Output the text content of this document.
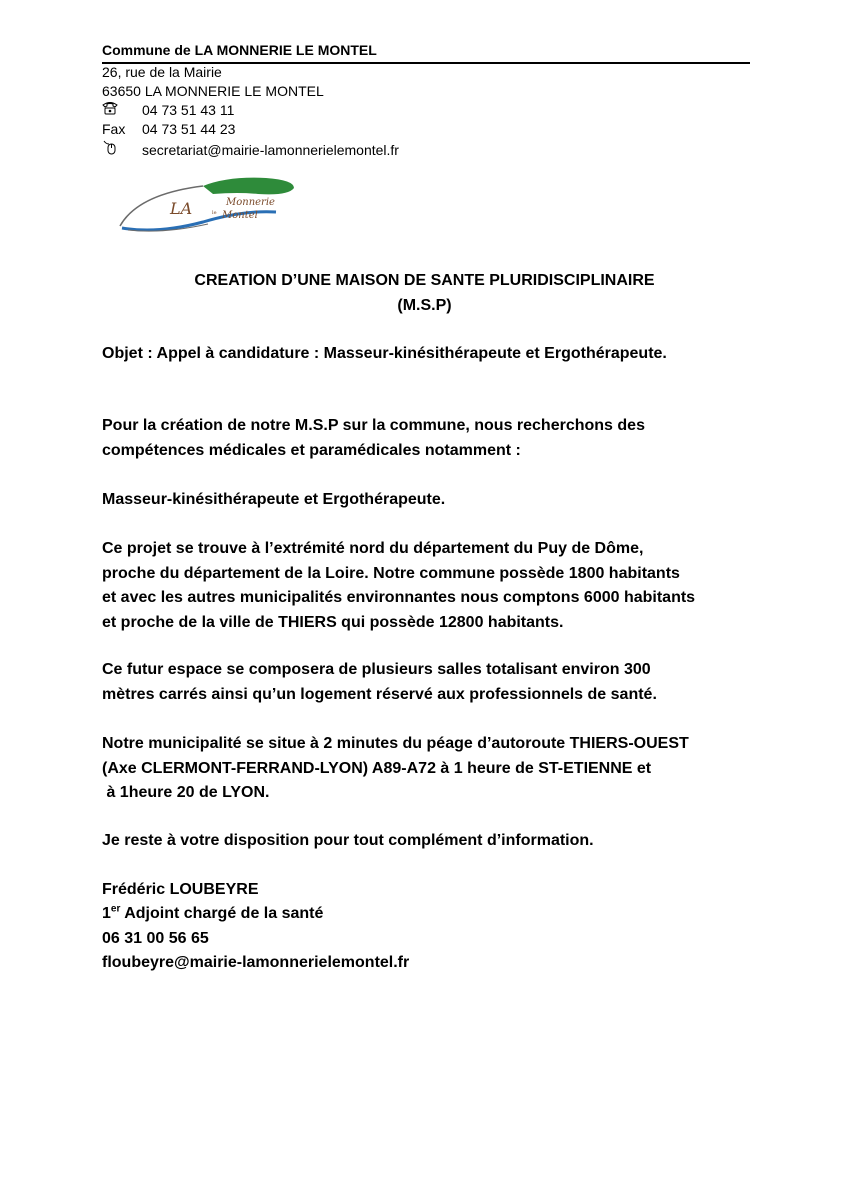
Commune de LA MONNERIE LE MONTEL
26, rue de la Mairie
63650 LA MONNERIE LE MONTEL
04 73 51 43 11
Fax 04 73 51 44 23
secretariat@mairie-lamonnerielemontel.fr
LA	Monnerie
le Montel
CREATION D’UNE MAISON DE SANTE PLURIDISCIPLINAIRE
(M.S.P)
Objet : Appel à candidature : Masseur-kinésithérapeute et Ergothérapeute.
Pour la création de notre M.S.P sur la commune, nous recherchons des
compétences médicales et paramédicales notamment :
Masseur-kinésithérapeute et Ergothérapeute.
Ce projet se trouve à l’extrémité nord du département du Puy de Dôme,
proche du département de la Loire. Notre commune possède 1800 habitants
et avec les autres municipalités environnantes nous comptons 6000 habitants
et proche de la ville de THIERS qui possède 12800 habitants.
Ce futur espace se composera de plusieurs salles totalisant environ 300
mètres carrés ainsi qu’un logement réservé aux professionnels de santé.
Notre municipalité se situe à 2 minutes du péage d’autoroute THIERS-OUEST
(Axe CLERMONT-FERRAND-LYON) A89-A72 à 1 heure de ST-ETIENNE et
à 1heure 20 de LYON.
Je reste à votre disposition pour tout complément d’information.
Frédéric LOUBEYRE
1er Adjoint chargé de la santé
06 31 00 56 65
floubeyre@mairie-lamonnerielemontel.fr
